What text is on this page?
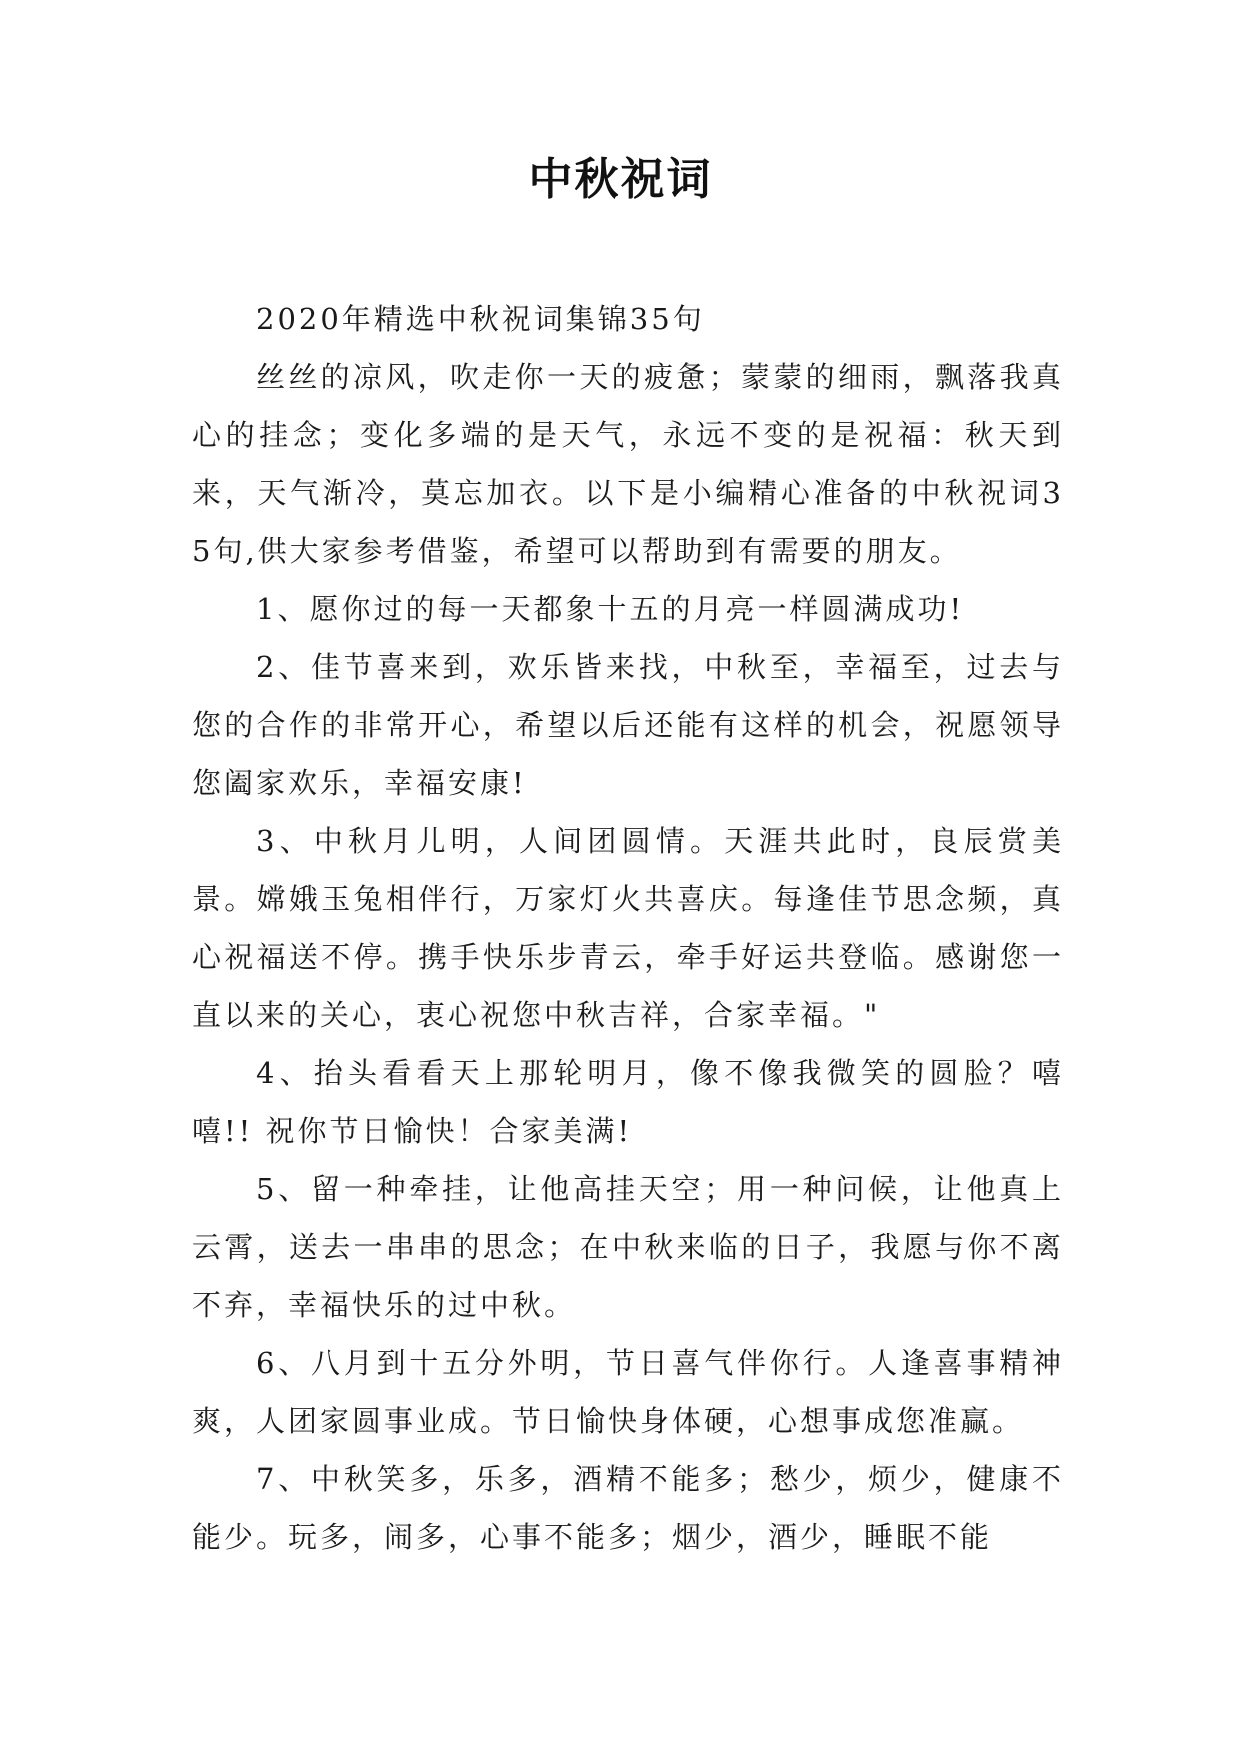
中秋祝词

2020年精选中秋祝词集锦35句

丝丝的凉风，吹走你一天的疲惫；蒙蒙的细雨，飘落我真心的挂念；变化多端的是天气，永远不变的是祝福：秋天到来，天气渐冷，莫忘加衣。以下是小编精心准备的中秋祝词35句,供大家参考借鉴，希望可以帮助到有需要的朋友。

1、愿你过的每一天都象十五的月亮一样圆满成功!

2、佳节喜来到，欢乐皆来找，中秋至，幸福至，过去与您的合作的非常开心，希望以后还能有这样的机会，祝愿领导您阖家欢乐，幸福安康!

3、中秋月儿明，人间团圆情。天涯共此时，良辰赏美景。嫦娥玉兔相伴行，万家灯火共喜庆。每逢佳节思念频，真心祝福送不停。携手快乐步青云，牵手好运共登临。感谢您一直以来的关心，衷心祝您中秋吉祥，合家幸福。"

4、抬头看看天上那轮明月，像不像我微笑的圆脸？嘻嘻!! 祝你节日愉快！合家美满!

5、留一种牵挂，让他高挂天空；用一种问候，让他真上云霄，送去一串串的思念；在中秋来临的日子，我愿与你不离不弃，幸福快乐的过中秋。

6、八月到十五分外明，节日喜气伴你行。人逢喜事精神爽，人团家圆事业成。节日愉快身体硬，心想事成您准赢。

7、中秋笑多，乐多，酒精不能多；愁少，烦少，健康不能少。玩多，闹多，心事不能多；烟少，酒少，睡眠不能
